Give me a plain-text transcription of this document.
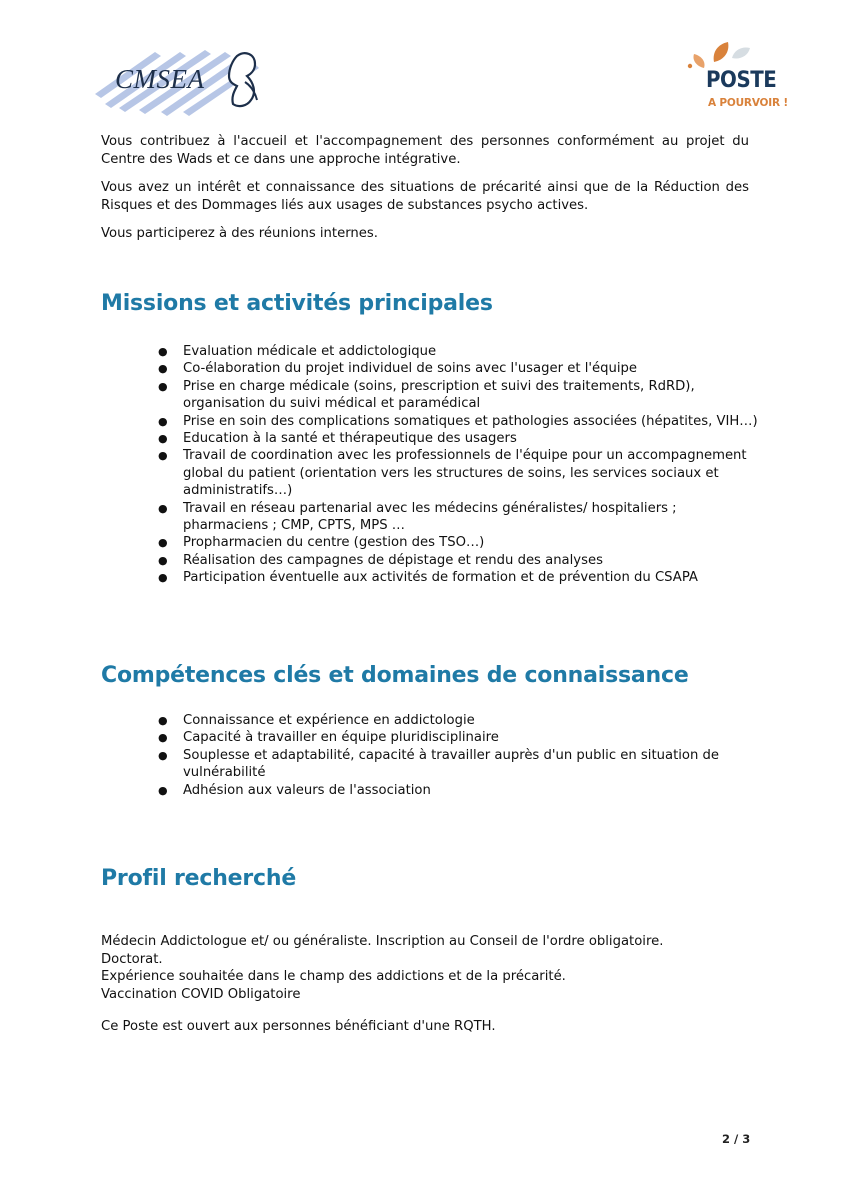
CMSEA	POSTE
A POURVOIR !

Vous contribuez à l'accueil et l'accompagnement des personnes conformément au projet du Centre des Wads et ce dans une approche intégrative.

Vous avez un intérêt et connaissance des situations de précarité ainsi que de la Réduction des Risques et des Dommages liés aux usages de substances psycho actives.

Vous participerez à des réunions internes.

Missions et activités principales
● Evaluation médicale et addictologique
● Co-élaboration du projet individuel de soins avec l'usager et l'équipe
● Prise en charge médicale (soins, prescription et suivi des traitements, RdRD), organisation du suivi médical et paramédical
● Prise en soin des complications somatiques et pathologies associées (hépatites, VIH…)
● Education à la santé et thérapeutique des usagers
● Travail de coordination avec les professionnels de l'équipe pour un accompagnement global du patient (orientation vers les structures de soins, les services sociaux et administratifs…)
● Travail en réseau partenarial avec les médecins généralistes/ hospitaliers ; pharmaciens ; CMP, CPTS, MPS …
● Propharmacien du centre (gestion des TSO…)
● Réalisation des campagnes de dépistage et rendu des analyses
● Participation éventuelle aux activités de formation et de prévention du CSAPA
Compétences clés et domaines de connaissance
● Connaissance et expérience en addictologie
● Capacité à travailler en équipe pluridisciplinaire
● Souplesse et adaptabilité, capacité à travailler auprès d'un public en situation de vulnérabilité
● Adhésion aux valeurs de l'association
Profil recherché
Médecin Addictologue et/ ou généraliste. Inscription au Conseil de l'ordre obligatoire.
Doctorat.
Expérience souhaitée dans le champ des addictions et de la précarité.
Vaccination COVID Obligatoire
Ce Poste est ouvert aux personnes bénéficiant d'une RQTH.
2 / 3
